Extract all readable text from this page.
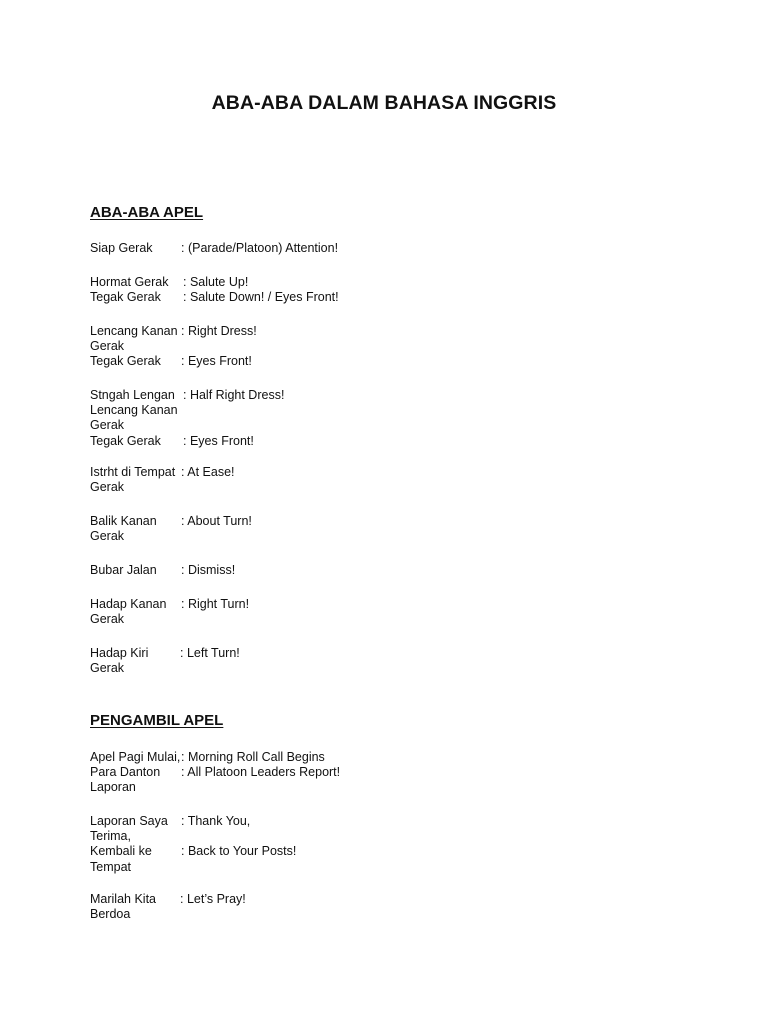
ABA-ABA DALAM BAHASA INGGRIS
ABA-ABA APEL
Siap Gerak : (Parade/Platoon) Attention!
Hormat Gerak : Salute Up!
Tegak Gerak : Salute Down! / Eyes Front!
Lencang Kanan : Right Dress!
Gerak
Tegak Gerak : Eyes Front!
Stngah Lengan : Half Right Dress!
Lencang Kanan
Gerak
Tegak Gerak : Eyes Front!
Istrht di Tempat : At Ease!
Gerak
Balik Kanan : About Turn!
Gerak
Bubar Jalan : Dismiss!
Hadap Kanan : Right Turn!
Gerak
Hadap Kiri	: Left Turn!
Gerak
PENGAMBIL APEL
Apel Pagi Mulai, : Morning Roll Call Begins
Para Danton : All Platoon Leaders Report!
Laporan
Laporan Saya : Thank You,
Terima,
Kembali ke : Back to Your Posts!
Tempat
Marilah Kita : Let’s Pray!
Berdoa
